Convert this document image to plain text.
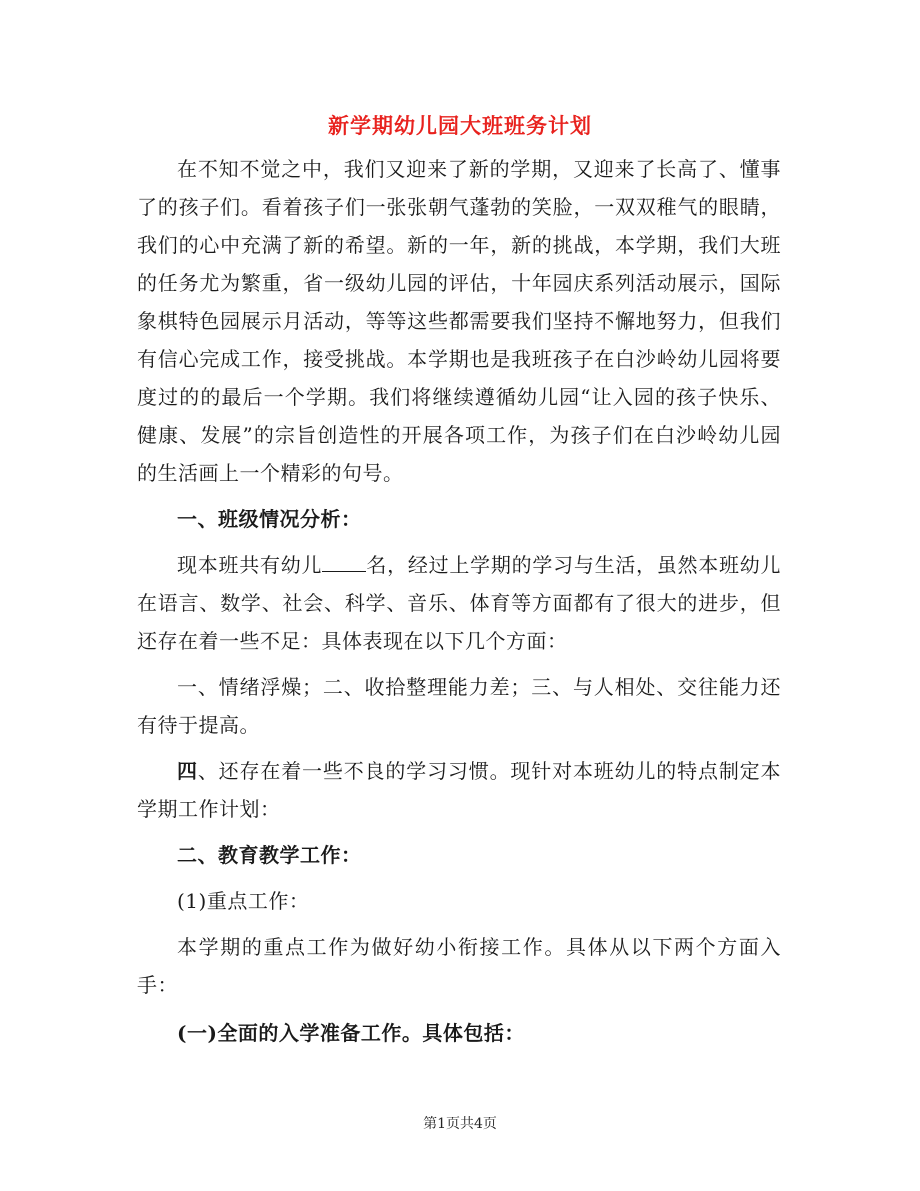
新学期幼儿园大班班务计划

在不知不觉之中，我们又迎来了新的学期，又迎来了长高了、懂事了的孩子们。看着孩子们一张张朝气蓬勃的笑脸，一双双稚气的眼睛，我们的心中充满了新的希望。新的一年，新的挑战，本学期，我们大班的任务尤为繁重，省一级幼儿园的评估，十年园庆系列活动展示，国际象棋特色园展示月活动，等等这些都需要我们坚持不懈地努力，但我们有信心完成工作，接受挑战。本学期也是我班孩子在白沙岭幼儿园将要度过的的最后一个学期。我们将继续遵循幼儿园“让入园的孩子快乐、健康、发展”的宗旨创造性的开展各项工作，为孩子们在白沙岭幼儿园的生活画上一个精彩的句号。

一、班级情况分析：

现本班共有幼儿 名，经过上学期的学习与生活，虽然本班幼儿在语言、数学、社会、科学、音乐、体育等方面都有了很大的进步，但还存在着一些不足：具体表现在以下几个方面：

一、情绪浮燥；二、收拾整理能力差；三、与人相处、交往能力还有待于提高。

四、还存在着一些不良的学习习惯。现针对本班幼儿的特点制定本学期工作计划：

二、教育教学工作：

(1)重点工作：

本学期的重点工作为做好幼小衔接工作。具体从以下两个方面入手：

(一)全面的入学准备工作。具体包括：

第1页共4页
